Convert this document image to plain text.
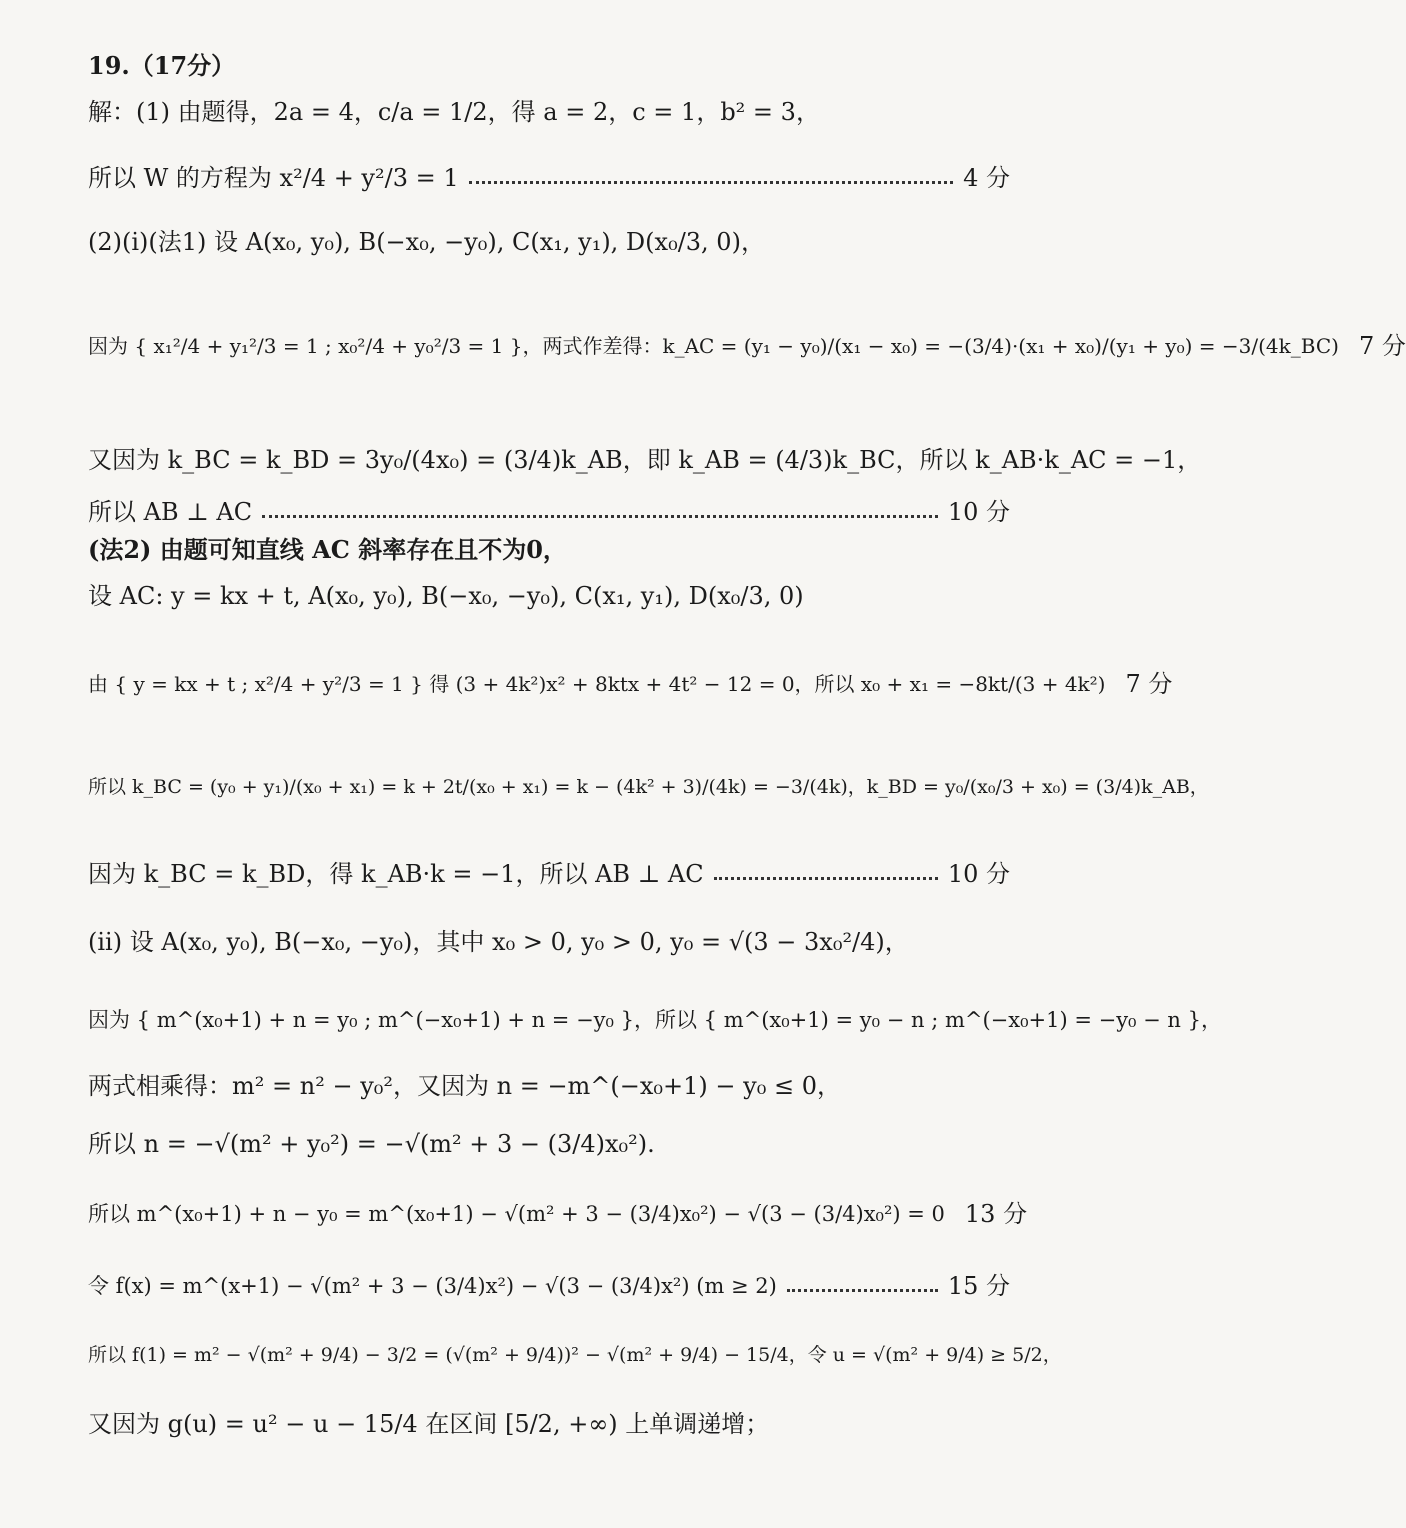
19.（17分）
解：(1) 由题得，2a = 4，c/a = 1/2，得 a = 2，c = 1，b² = 3，
所以 W 的方程为 x²/4 + y²/3 = 1	4 分
(2)(i)(法1) 设 A(x₀, y₀), B(−x₀, −y₀), C(x₁, y₁), D(x₀/3, 0)，
因为 { x₁²/4 + y₁²/3 = 1 ; x₀²/4 + y₀²/3 = 1 }，两式作差得：k_AC = (y₁ − y₀)/(x₁ − x₀) = −(3/4)·(x₁ + x₀)/(y₁ + y₀) = −3/(4k_BC) 7 分
又因为 k_BC = k_BD = 3y₀/(4x₀) = (3/4)k_AB，即 k_AB = (4/3)k_BC，所以 k_AB·k_AC = −1，
所以 AB ⊥ AC	10 分
(法2) 由题可知直线 AC 斜率存在且不为0，
设 AC: y = kx + t, A(x₀, y₀), B(−x₀, −y₀), C(x₁, y₁), D(x₀/3, 0)
由 { y = kx + t ; x²/4 + y²/3 = 1 } 得 (3 + 4k²)x² + 8ktx + 4t² − 12 = 0，所以 x₀ + x₁ = −8kt/(3 + 4k²) 7 分
所以 k_BC = (y₀ + y₁)/(x₀ + x₁) = k + 2t/(x₀ + x₁) = k − (4k² + 3)/(4k) = −3/(4k)，k_BD = y₀/(x₀/3 + x₀) = (3/4)k_AB，
因为 k_BC = k_BD，得 k_AB·k = −1，所以 AB ⊥ AC	10 分
(ii) 设 A(x₀, y₀), B(−x₀, −y₀)，其中 x₀ > 0, y₀ > 0, y₀ = √(3 − 3x₀²/4)，
因为 { m^(x₀+1) + n = y₀ ; m^(−x₀+1) + n = −y₀ }，所以 { m^(x₀+1) = y₀ − n ; m^(−x₀+1) = −y₀ − n }，
两式相乘得：m² = n² − y₀²，又因为 n = −m^(−x₀+1) − y₀ ≤ 0，
所以 n = −√(m² + y₀²) = −√(m² + 3 − (3/4)x₀²).
所以 m^(x₀+1) + n − y₀ = m^(x₀+1) − √(m² + 3 − (3/4)x₀²) − √(3 − (3/4)x₀²) = 0 13 分
令 f(x) = m^(x+1) − √(m² + 3 − (3/4)x²) − √(3 − (3/4)x²) (m ≥ 2)	15 分
所以 f(1) = m² − √(m² + 9/4) − 3/2 = (√(m² + 9/4))² − √(m² + 9/4) − 15/4，令 u = √(m² + 9/4) ≥ 5/2，
又因为 g(u) = u² − u − 15/4 在区间 [5/2, +∞) 上单调递增；
